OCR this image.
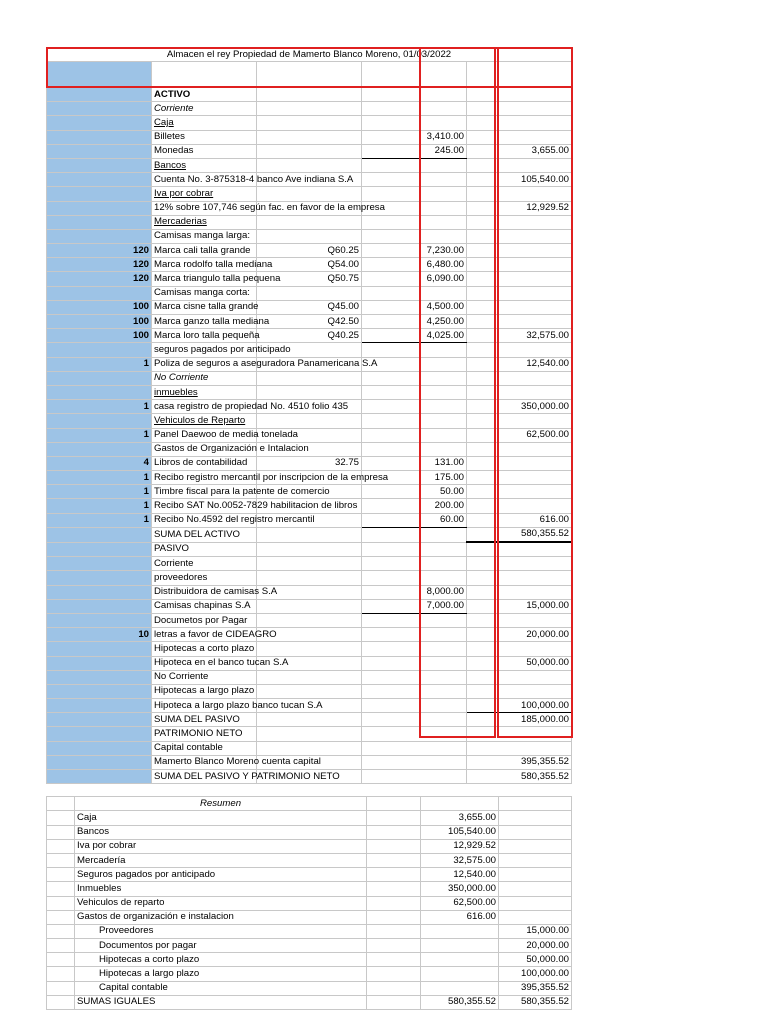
Almacen el rey Propiedad de Mamerto Blanco Moreno, 01/03/2022				

	ACTIVO			
	Corriente			
	Caja			
	Billetes		3,410.00	
	Monedas		245.00	3,655.00
	Bancos			
	Cuenta No. 3-875318-4 banco Ave indiana S.A			105,540.00
	Iva por cobrar			
	12% sobre 107,746 según fac. en favor de la empresa			12,929.52
	Mercaderias			
	Camisas manga larga:			
120	Marca cali talla grande	Q60.25	7,230.00	
120	Marca rodolfo talla mediana	Q54.00	6,480.00	
120	Marca triangulo talla pequena	Q50.75	6,090.00	
	Camisas manga corta:			
100	Marca cisne talla grande	Q45.00	4,500.00	
100	Marca ganzo talla mediana	Q42.50	4,250.00	
100	Marca loro talla pequeña	Q40.25	4,025.00	32,575.00
	seguros pagados por anticipado			
1	Poliza de seguros a aseguradora Panamericana S.A			12,540.00
	No Corriente			
	inmuebles			
1	casa registro de propiedad No. 4510 folio 435			350,000.00
	Vehiculos de Reparto			
1	Panel Daewoo de media tonelada			62,500.00
	Gastos de Organización e Intalacion			
4	Libros de contabilidad	32.75	131.00	
1	Recibo registro mercantil por inscripcion de la empresa		175.00	
1	Timbre fiscal para la patente de comercio		50.00	
1	Recibo SAT No.0052-7829 habilitacion de libros		200.00	
1	Recibo No.4592 del registro mercantil		60.00	616.00
	SUMA DEL ACTIVO			580,355.52
	PASIVO			
	Corriente			
	proveedores			
	Distribuidora de camisas S.A		8,000.00	
	Camisas chapinas S.A		7,000.00	15,000.00
	Documetos por Pagar			
10	letras a favor de CIDEAGRO			20,000.00
	Hipotecas a corto plazo			
	Hipoteca en el banco tucan S.A			50,000.00
	No Corriente			
	Hipotecas a largo plazo			
	Hipoteca a largo plazo banco tucan S.A			100,000.00
	SUMA DEL PASIVO			185,000.00
	PATRIMONIO NETO			
	Capital contable			
	Mamerto Blanco Moreno cuenta capital			395,355.52
	SUMA DEL PASIVO Y PATRIMONIO NETO			580,355.52
	Resumen			
	Caja		3,655.00	
	Bancos		105,540.00	
	Iva por cobrar		12,929.52	
	Mercadería		32,575.00	
	Seguros pagados por anticipado		12,540.00	
	Inmuebles		350,000.00	
	Vehiculos de reparto		62,500.00	
	Gastos de organización e instalacion		616.00	
	Proveedores			15,000.00
	Documentos por pagar			20,000.00
	Hipotecas a corto plazo			50,000.00
	Hipotecas a largo plazo			100,000.00
	Capital contable			395,355.52
	SUMAS IGUALES		580,355.52	580,355.52
